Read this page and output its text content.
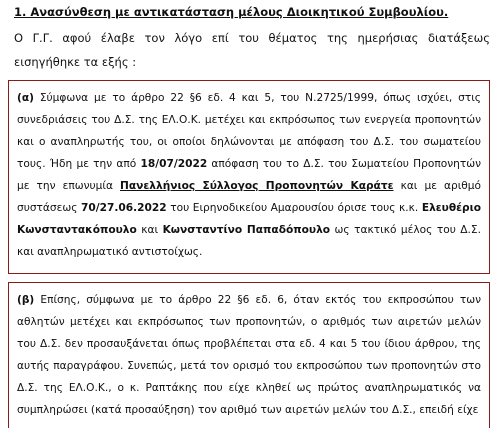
1. Ανασύνθεση με αντικατάσταση μέλους Διοικητικού Συμβουλίου.

Ο Γ.Γ. αφού έλαβε τον λόγο επί του θέματος της ημερήσιας διατάξεως εισηγήθηκε τα εξής :

(α) Σύμφωνα με το άρθρο 22 §6 εδ. 4 και 5, του Ν.2725/1999, όπως ισχύει, στις συνεδριάσεις του Δ.Σ. της ΕΛ.Ο.Κ. μετέχει και εκπρόσωπος των ενεργεία προπονητών και ο αναπληρωτής του, οι οποίοι δηλώνονται με απόφαση του Δ.Σ. του σωματείου τους. Ήδη με την από 18/07/2022 απόφαση του το Δ.Σ. του Σωματείου Προπονητών με την επωνυμία Πανελλήνιος Σύλλογος Προπονητών Καράτε και με αριθμό συστάσεως 70/27.06.2022 του Ειρηνοδικείου Αμαρουσίου όρισε τους κ.κ. Ελευθέριο Κωνσταντακόπουλο και Κωνσταντίνο Παπαδόπουλο ως τακτικό μέλος του Δ.Σ. και αναπληρωματικό αντιστοίχως.

(β) Επίσης, σύμφωνα με το άρθρο 22 §6 εδ. 6, όταν εκτός του εκπροσώπου των αθλητών μετέχει και εκπρόσωπος των προπονητών, ο αριθμός των αιρετών μελών του Δ.Σ. δεν προσαυξάνεται όπως προβλέπεται στα εδ. 4 και 5 του ίδιου άρθρου, της αυτής παραγράφου. Συνεπώς, μετά τον ορισμό του εκπροσώπου των προπονητών στο Δ.Σ. της ΕΛ.Ο.Κ., ο κ. Ραπτάκης που είχε κληθεί ως πρώτος αναπληρωματικός να συμπληρώσει (κατά προσαύξηση) τον αριθμό των αιρετών μελών του Δ.Σ., επειδή είχε
